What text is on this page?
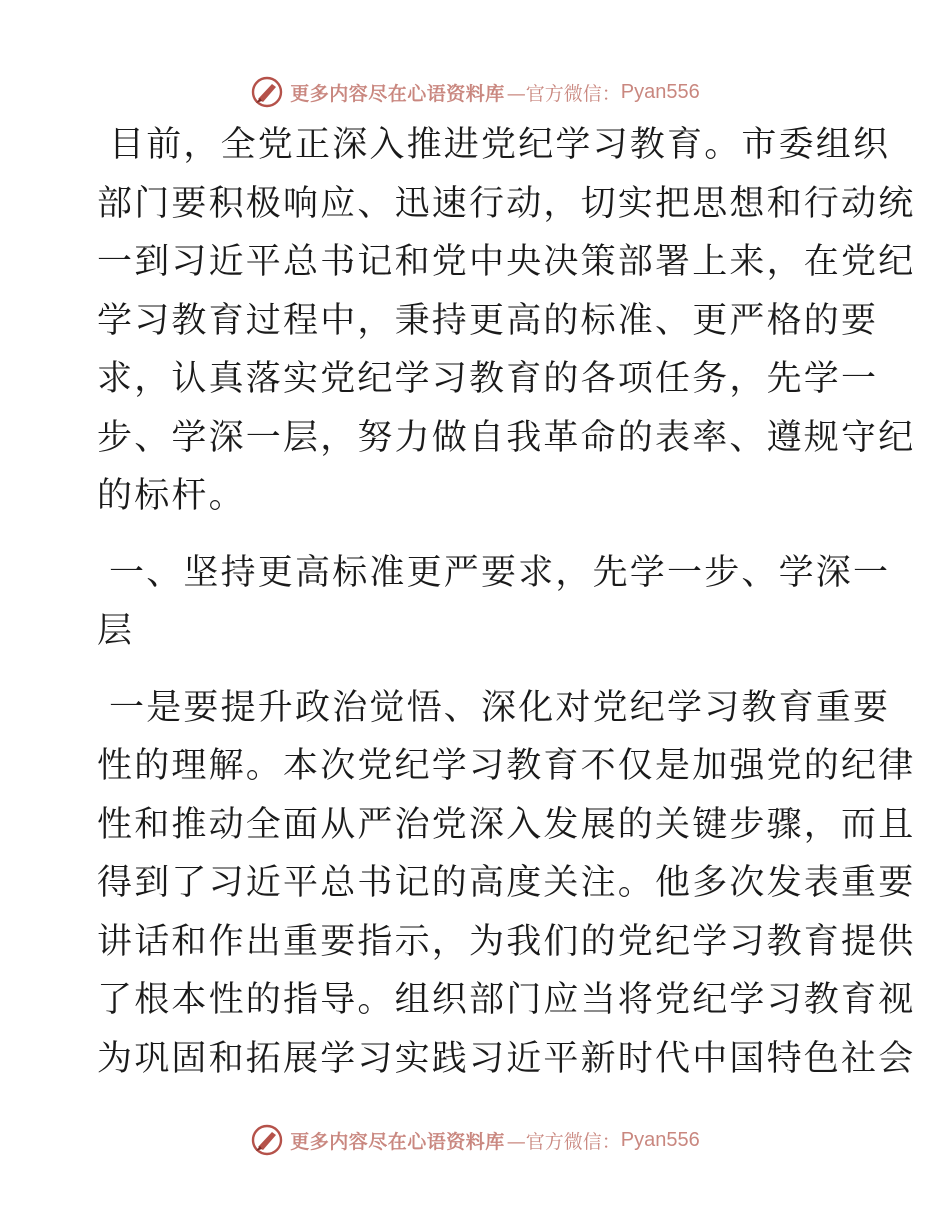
更多内容尽在心语资料库 —官方微信： Pyan556

目前，全党正深入推进党纪学习教育。市委组织
部门要积极响应、迅速行动，切实把思想和行动统
一到习近平总书记和党中央决策部署上来，在党纪
学习教育过程中，秉持更高的标准、更严格的要
求，认真落实党纪学习教育的各项任务，先学一
步、学深一层，努力做自我革命的表率、遵规守纪
的标杆。

一、坚持更高标准更严要求，先学一步、学深一
层

一是要提升政治觉悟、深化对党纪学习教育重要
性的理解。本次党纪学习教育不仅是加强党的纪律
性和推动全面从严治党深入发展的关键步骤，而且
得到了习近平总书记的高度关注。他多次发表重要
讲话和作出重要指示，为我们的党纪学习教育提供
了根本性的指导。组织部门应当将党纪学习教育视
为巩固和拓展学习实践习近平新时代中国特色社会

更多内容尽在心语资料库 —官方微信： Pyan556
